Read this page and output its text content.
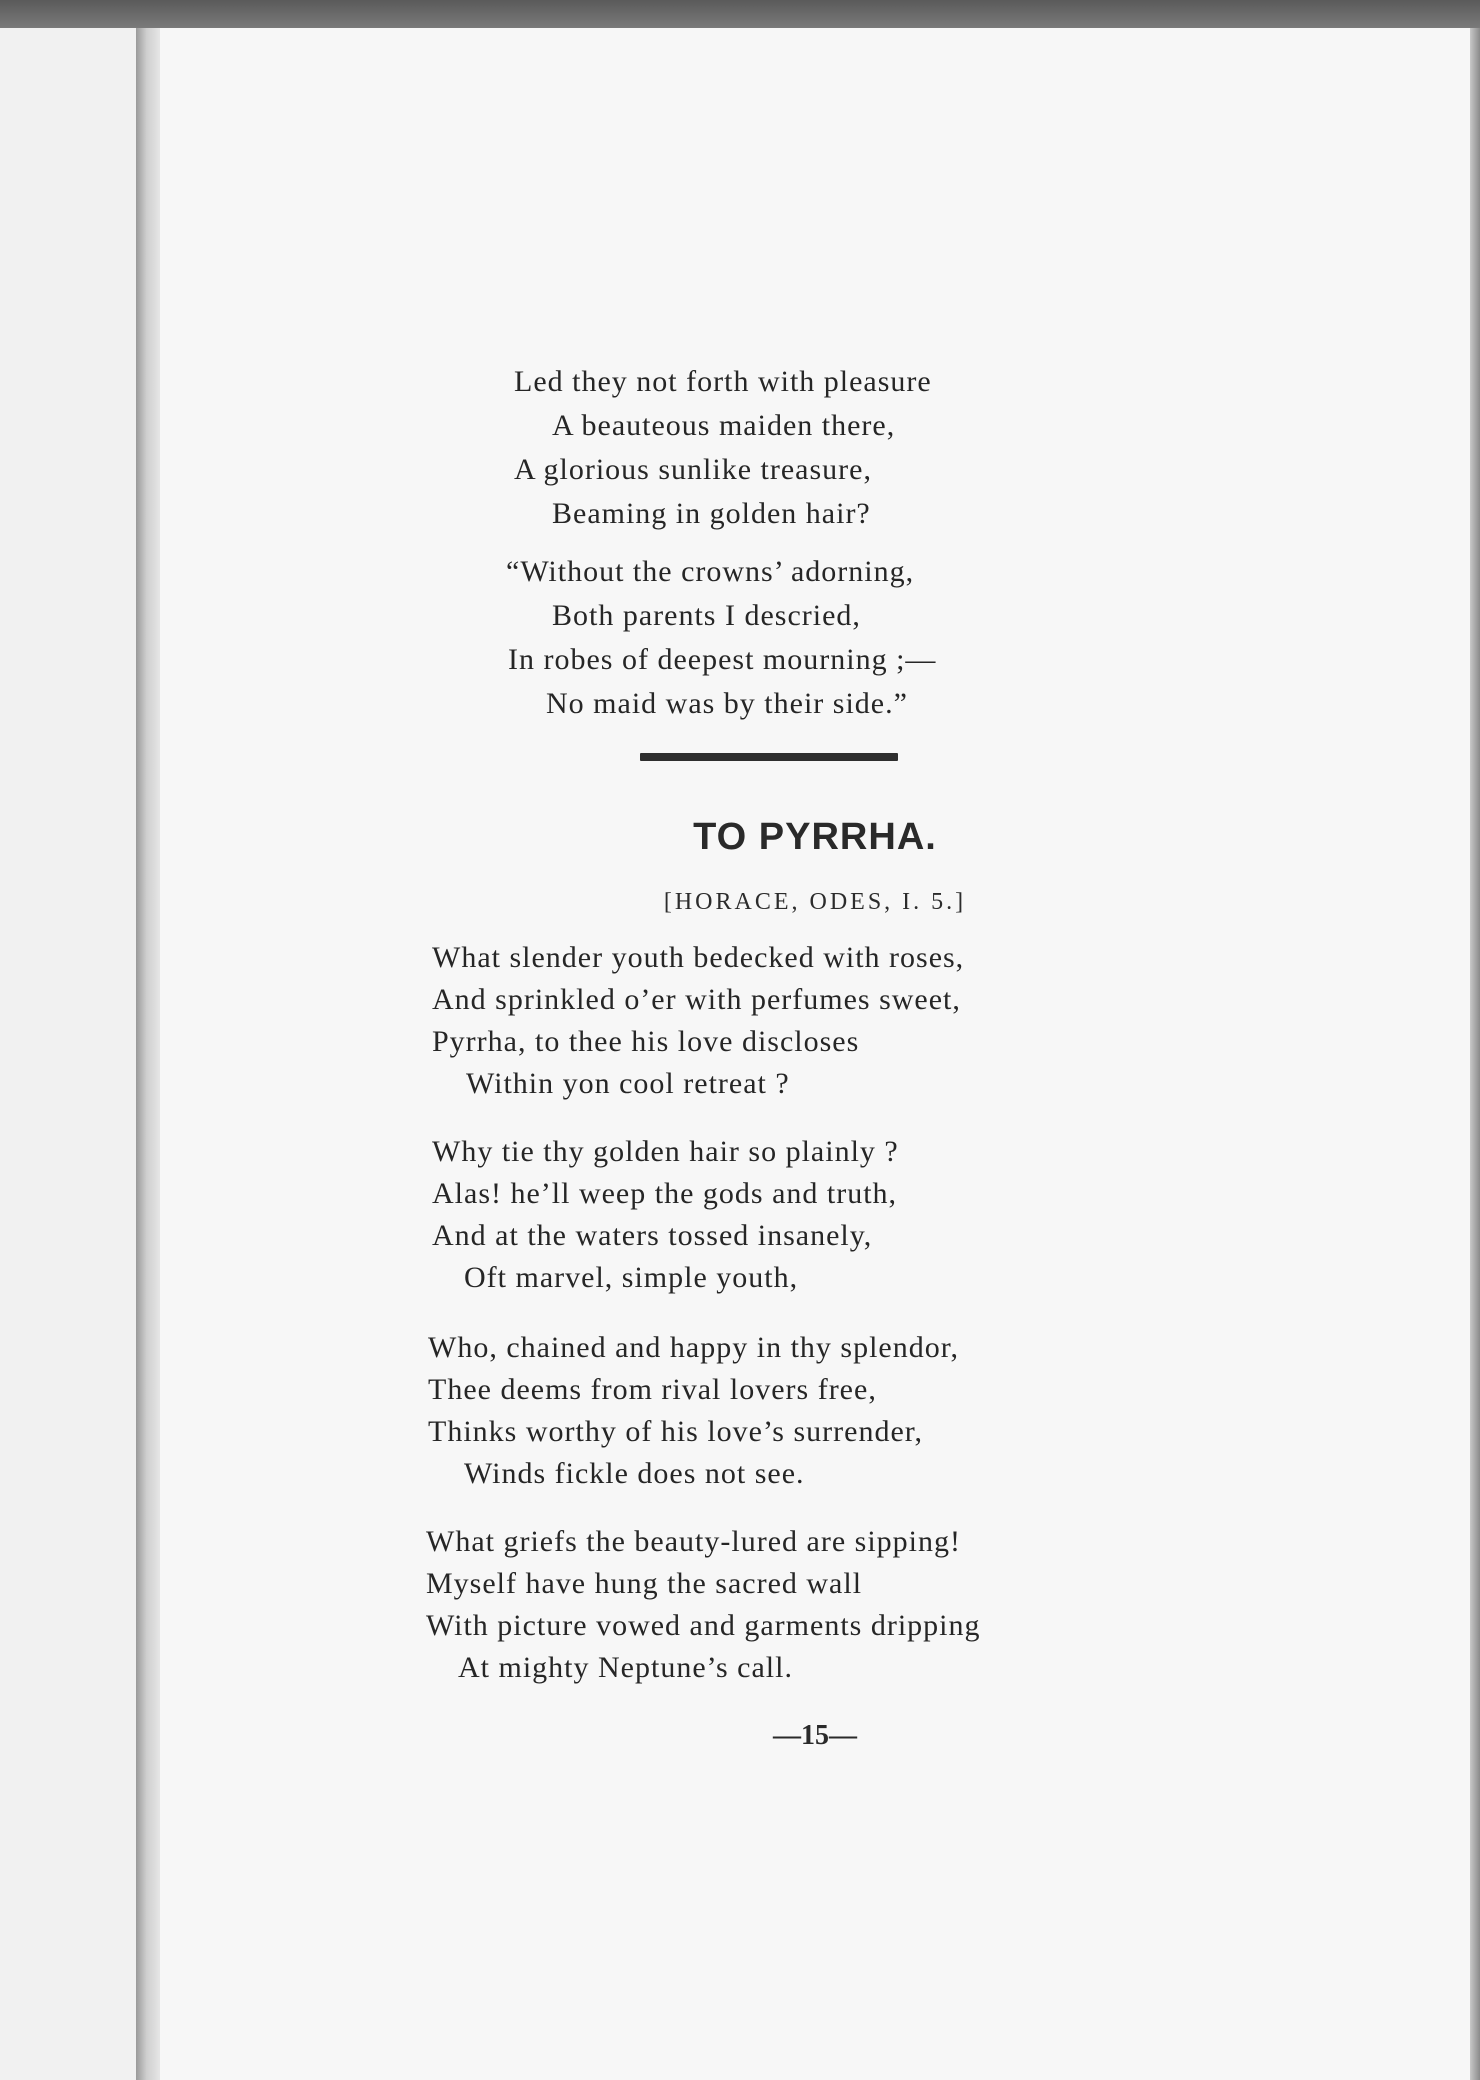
Led they not forth with pleasure
A beauteous maiden there,
A glorious sunlike treasure,
Beaming in golden hair?
“Without the crowns’ adorning,
Both parents I descried,
In robes of deepest mourning ;—
No maid was by their side.”
TO PYRRHA.
[HORACE, ODES, I. 5.]
What slender youth bedecked with roses,
And sprinkled o’er with perfumes sweet,
Pyrrha, to thee his love discloses
Within yon cool retreat ?
Why tie thy golden hair so plainly ?
Alas! he’ll weep the gods and truth,
And at the waters tossed insanely,
Oft marvel, simple youth,
Who, chained and happy in thy splendor,
Thee deems from rival lovers free,
Thinks worthy of his love’s surrender,
Winds fickle does not see.
What griefs the beauty-lured are sipping!
Myself have hung the sacred wall
With picture vowed and garments dripping
At mighty Neptune’s call.
—15—
